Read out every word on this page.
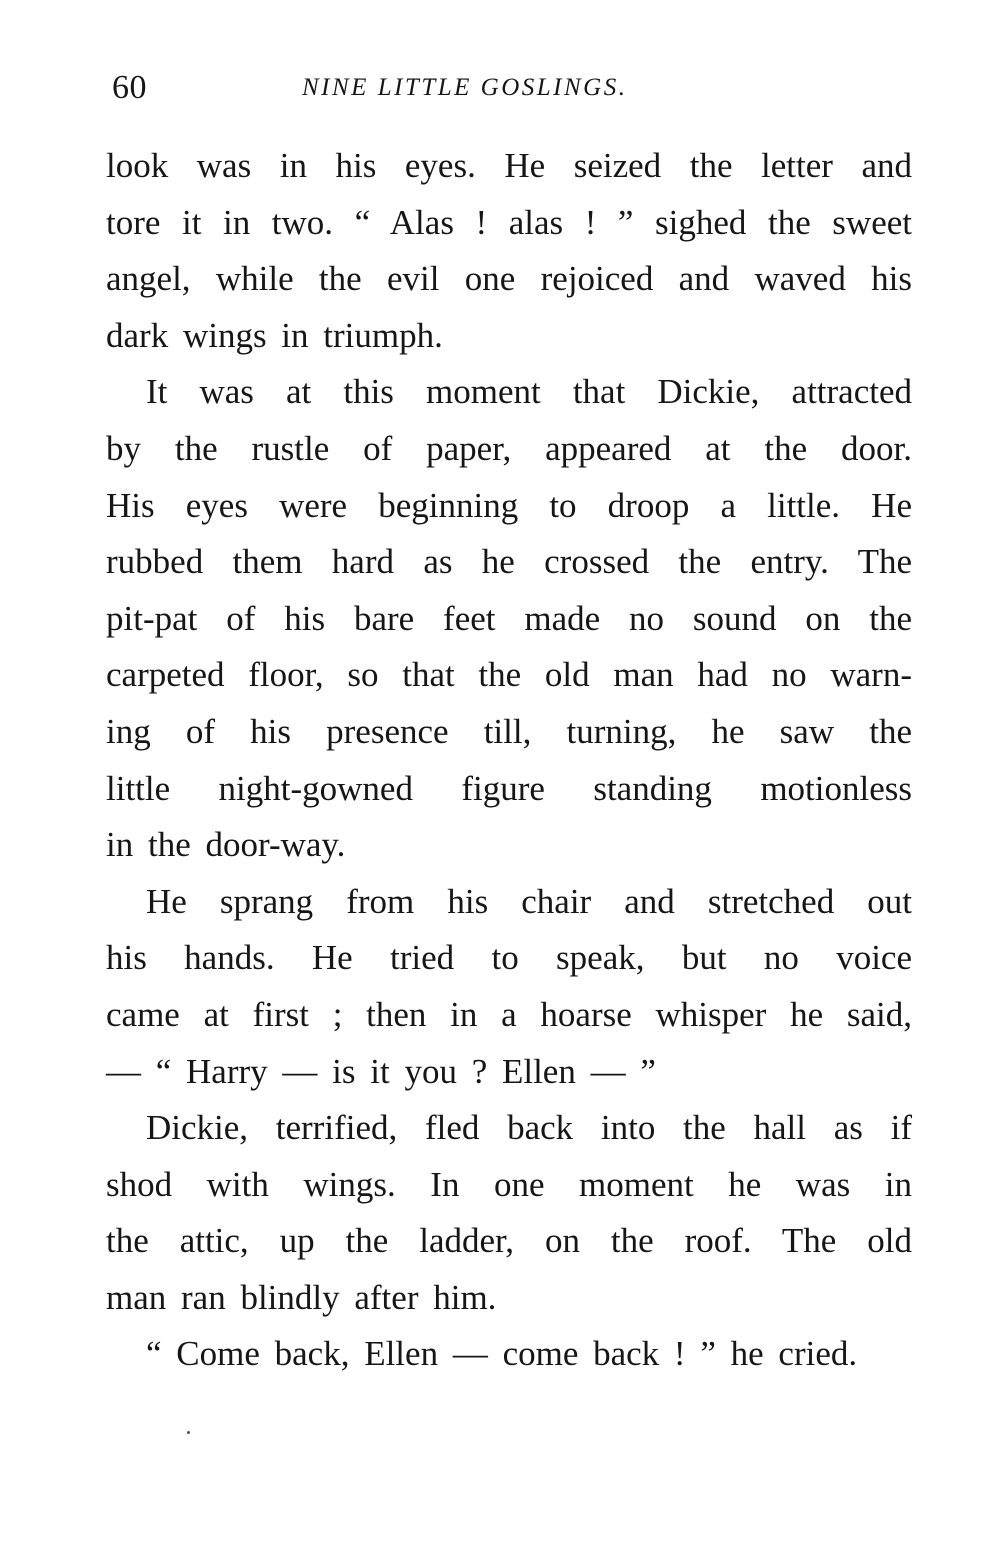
60	NINE LITTLE GOSLINGS.
look was in his eyes. He seized the letter and
tore it in two. “ Alas ! alas ! ” sighed the sweet
angel, while the evil one rejoiced and waved his
dark wings in triumph.
It was at this moment that Dickie, attracted
by the rustle of paper, appeared at the door.
His eyes were beginning to droop a little. He
rubbed them hard as he crossed the entry. The
pit-pat of his bare feet made no sound on the
carpeted floor, so that the old man had no warn-
ing of his presence till, turning, he saw the
little night-gowned figure standing motionless
in the door-way.
He sprang from his chair and stretched out
his hands. He tried to speak, but no voice
came at first ; then in a hoarse whisper he said,
— “ Harry — is it you ? Ellen — ”
Dickie, terrified, fled back into the hall as if
shod with wings. In one moment he was in
the attic, up the ladder, on the roof. The old
man ran blindly after him.
“ Come back, Ellen — come back ! ” he cried.
